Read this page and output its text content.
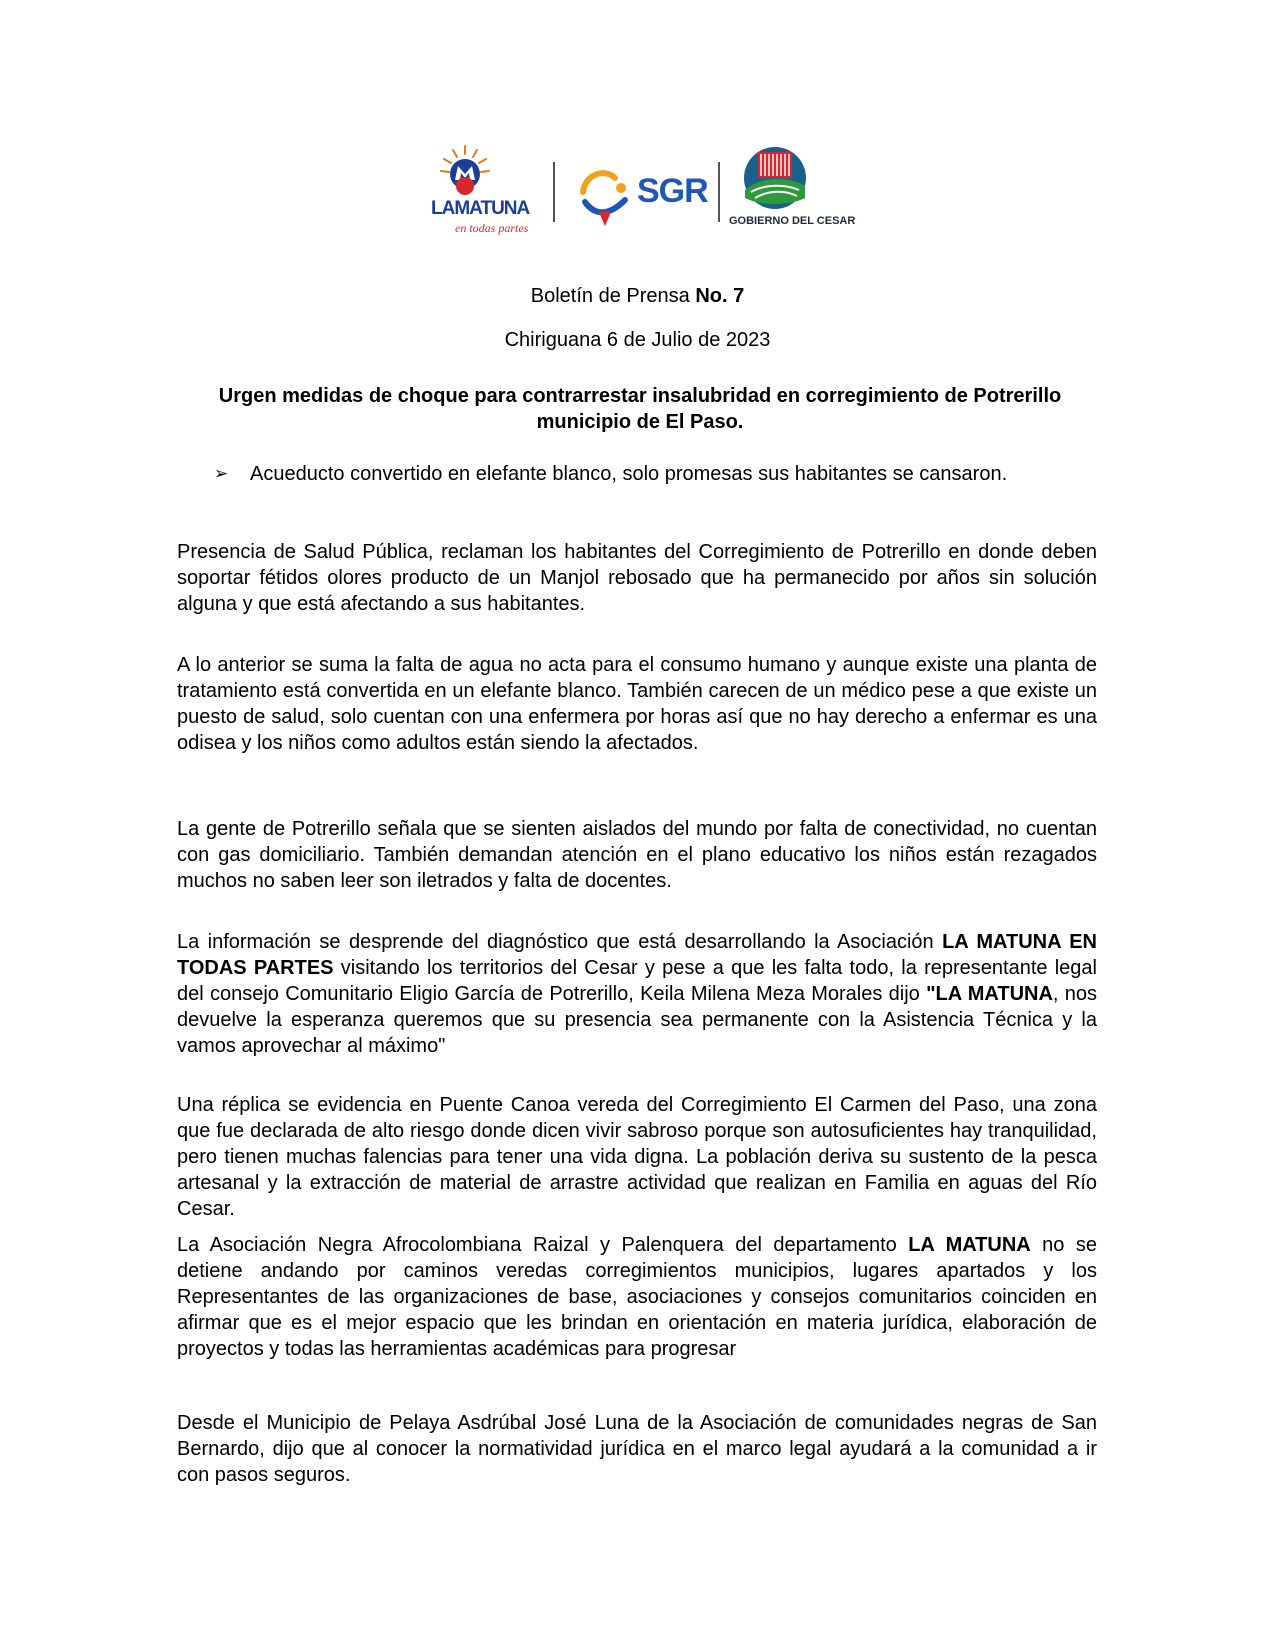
LAMATUNA
en todas partes
SGR
GOBIERNO DEL CESAR
Boletín de Prensa No. 7
Chiriguana 6 de Julio de 2023
Urgen medidas de choque para contrarrestar insalubridad en corregimiento de Potrerillo municipio de El Paso.
➢ Acueducto convertido en elefante blanco, solo promesas sus habitantes se cansaron.
Presencia de Salud Pública, reclaman los habitantes del Corregimiento de Potrerillo en donde deben soportar fétidos olores producto de un Manjol rebosado que ha permanecido por años sin solución alguna y que está afectando a sus habitantes.
A lo anterior se suma la falta de agua no acta para el consumo humano y aunque existe una planta de tratamiento está convertida en un elefante blanco. También carecen de un médico pese a que existe un puesto de salud, solo cuentan con una enfermera por horas así que no hay derecho a enfermar es una odisea y los niños como adultos están siendo la afectados.
La gente de Potrerillo señala que se sienten aislados del mundo por falta de conectividad, no cuentan con gas domiciliario. También demandan atención en el plano educativo los niños están rezagados muchos no saben leer son iletrados y falta de docentes.
La información se desprende del diagnóstico que está desarrollando la Asociación LA MATUNA EN TODAS PARTES visitando los territorios del Cesar y pese a que les falta todo, la representante legal del consejo Comunitario Eligio García de Potrerillo, Keila Milena Meza Morales dijo "LA MATUNA, nos devuelve la esperanza queremos que su presencia sea permanente con la Asistencia Técnica y la vamos aprovechar al máximo"
Una réplica se evidencia en Puente Canoa vereda del Corregimiento El Carmen del Paso, una zona que fue declarada de alto riesgo donde dicen vivir sabroso porque son autosuficientes hay tranquilidad, pero tienen muchas falencias para tener una vida digna. La población deriva su sustento de la pesca artesanal y la extracción de material de arrastre actividad que realizan en Familia en aguas del Río Cesar.
La Asociación Negra Afrocolombiana Raizal y Palenquera del departamento LA MATUNA no se detiene andando por caminos veredas corregimientos municipios, lugares apartados y los Representantes de las organizaciones de base, asociaciones y consejos comunitarios coinciden en afirmar que es el mejor espacio que les brindan en orientación en materia jurídica, elaboración de proyectos y todas las herramientas académicas para progresar
Desde el Municipio de Pelaya Asdrúbal José Luna de la Asociación de comunidades negras de San Bernardo, dijo que al conocer la normatividad jurídica en el marco legal ayudará a la comunidad a ir con pasos seguros.
